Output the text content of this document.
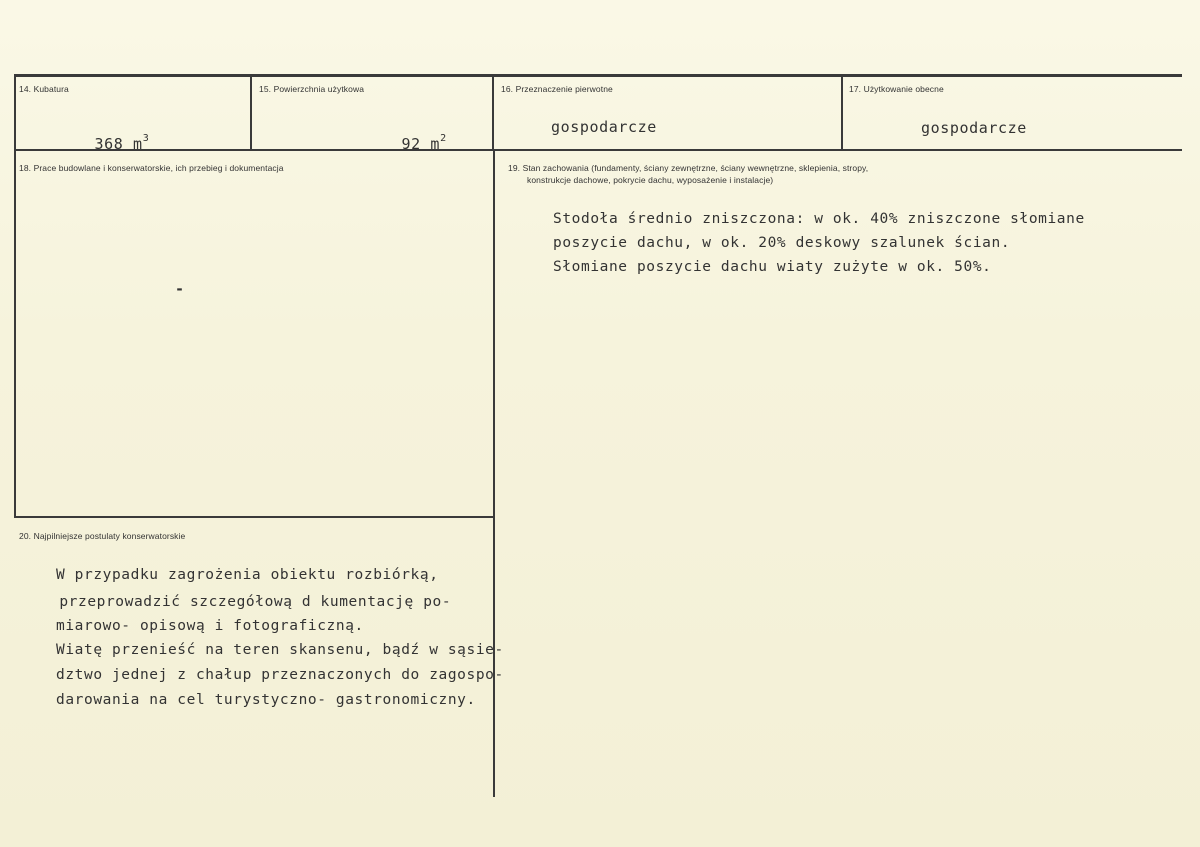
14. Kubatura

368 $m^3$

15. Powierzchnia użytkowa

92 $m^2$

16. Przeznaczenie pierwotne
gospodarcze
17. Użytkowanie obecne
gospodarcze
18. Prace budowlane i konserwatorskie, ich przebieg i dokumentacja
-
19. Stan zachowania (fundamenty, ściany zewnętrzne, ściany wewnętrzne, sklepienia, stropy,
konstrukcje dachowe, pokrycie dachu, wyposażenie i instalacje)
Stodoła średnio zniszczona: w ok. 40% zniszczone słomiane
poszycie dachu, w ok. 20% deskowy szalunek ścian.
Słomiane poszycie dachu wiaty zużyte w ok. 50%.
20. Najpilniejsze postulaty konserwatorskie
W przypadku zagrożenia obiektu rozbiórką,
przeprowadzić szczegółową d kumentację po-
miarowo- opisową i fotograficzną.
Wiatę przenieść na teren skansenu, bądź w sąsie-
dztwo jednej z chałup przeznaczonych do zagospo-
darowania na cel turystyczno- gastronomiczny.
